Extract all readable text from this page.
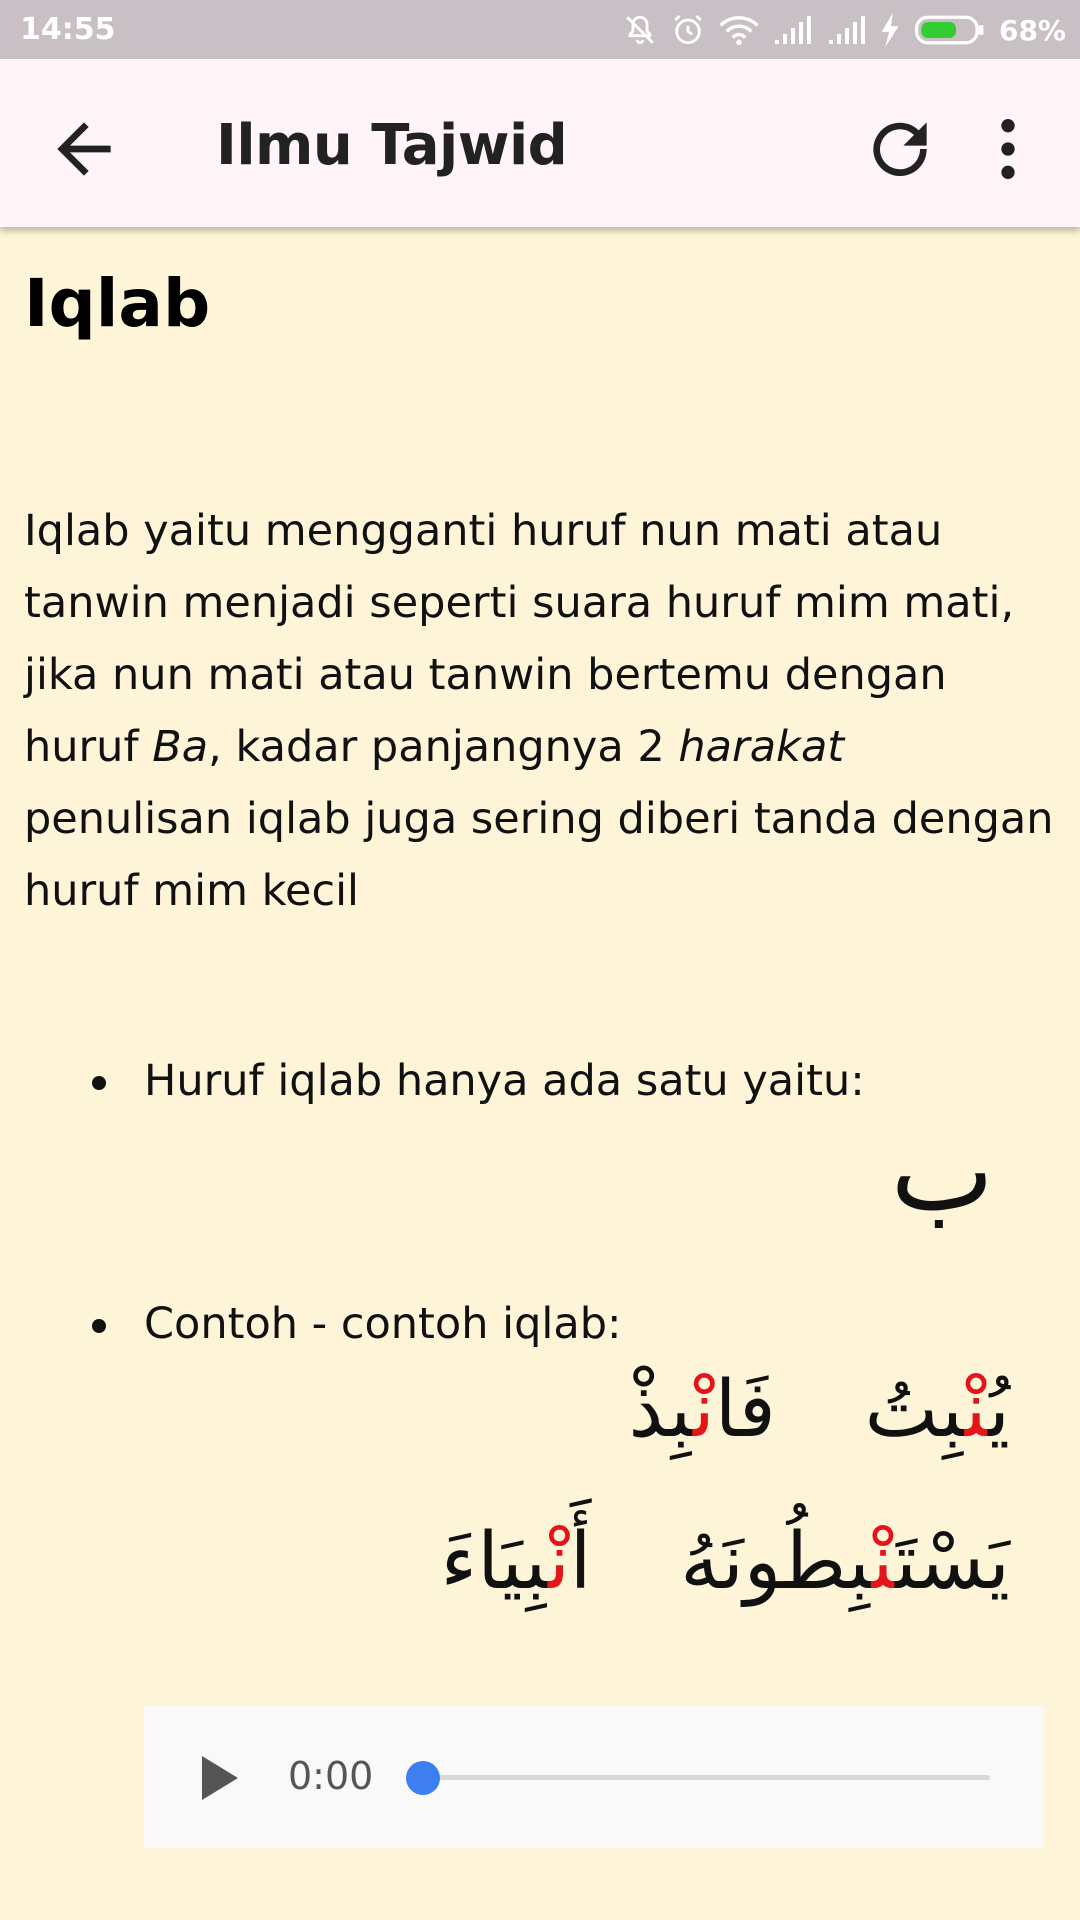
14:55	68%
Ilmu Tajwid
Iqlab
Iqlab yaitu mengganti huruf nun mati atau tanwin menjadi seperti suara huruf mim mati, jika nun mati atau tanwin bertemu dengan huruf Ba, kadar panjangnya 2 harakat
penulisan iqlab juga sering diberi tanda dengan huruf mim kecil
Huruf iqlab hanya ada satu yaitu:
ب
Contoh - contoh iqlab:
يُنْبِتُ فَانْبِذْ
يَسْتَنْبِطُونَهُ أَنْبِيَاءَ
0:00
